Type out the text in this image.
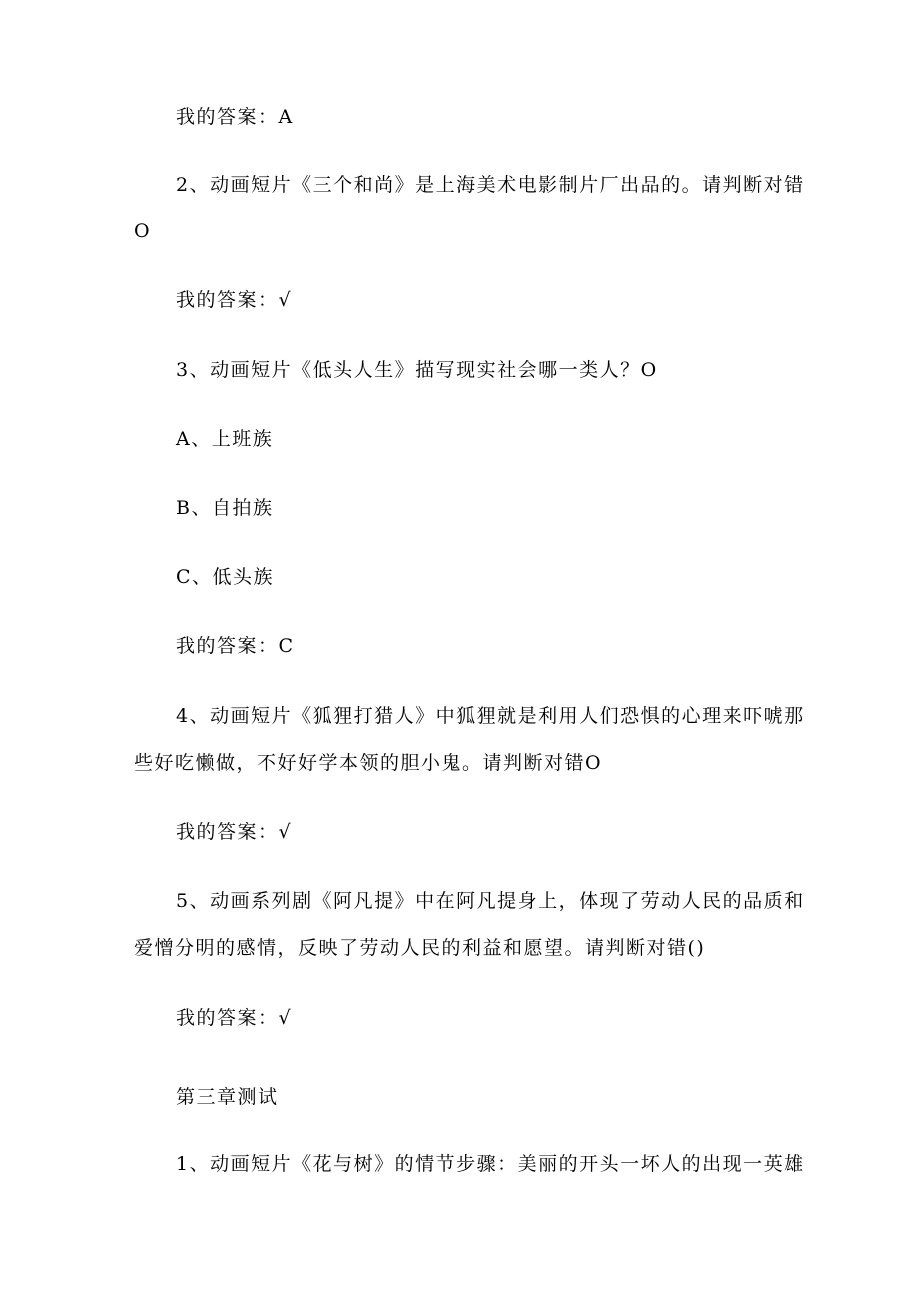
我的答案：A
2、动画短片《三个和尚》是上海美术电影制片厂出品的。请判断对错
O
我的答案：√
3、动画短片《低头人生》描写现实社会哪一类人？O
A、上班族
B、自拍族
C、低头族
我的答案：C
4、动画短片《狐狸打猎人》中狐狸就是利用人们恐惧的心理来吓唬那
些好吃懒做，不好好学本领的胆小鬼。请判断对错O
我的答案：√
5、动画系列剧《阿凡提》中在阿凡提身上，体现了劳动人民的品质和
爱憎分明的感情，反映了劳动人民的利益和愿望。请判断对错()
我的答案：√
第三章测试
1、动画短片《花与树》的情节步骤：美丽的开头一坏人的出现一英雄
